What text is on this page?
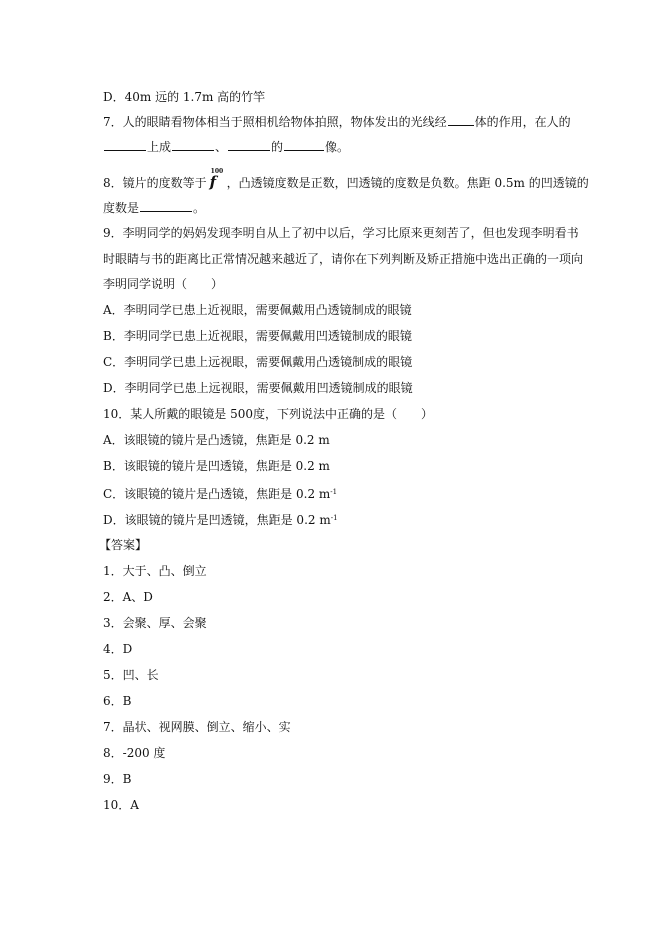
D．40m 远的 1.7m 高的竹竿
7．人的眼睛看物体相当于照相机给物体拍照，物体发出的光线经 体的作用，在人的
上成	、	的	像。
8．镜片的度数等于
100
f ，凸透镜度数是正数，凹透镜的度数是负数。焦距 0.5m 的凹透镜的
度数是	。
9．李明同学的妈妈发现李明自从上了初中以后，学习比原来更刻苦了，但也发现李明看书
时眼睛与书的距离比正常情况越来越近了，请你在下列判断及矫正措施中选出正确的一项向
李明同学说明（　　）
A．李明同学已患上近视眼，需要佩戴用凸透镜制成的眼镜
B．李明同学已患上近视眼，需要佩戴用凹透镜制成的眼镜
C．李明同学已患上远视眼，需要佩戴用凸透镜制成的眼镜
D．李明同学已患上远视眼，需要佩戴用凹透镜制成的眼镜
10．某人所戴的眼镜是 500度，下列说法中正确的是（　　）
A．该眼镜的镜片是凸透镜，焦距是 0.2 m
B．该眼镜的镜片是凹透镜，焦距是 0.2 m
C．该眼镜的镜片是凸透镜，焦距是 0.2 $m^{-1}$
D．该眼镜的镜片是凹透镜，焦距是 0.2 $m^{-1}$
【答案】
1．大于、凸、倒立
2．A、D
3．会聚、厚、会聚
4．D
5．凹、长
6．B
7．晶状、视网膜、倒立、缩小、实
8．-200 度
9．B
10．A
